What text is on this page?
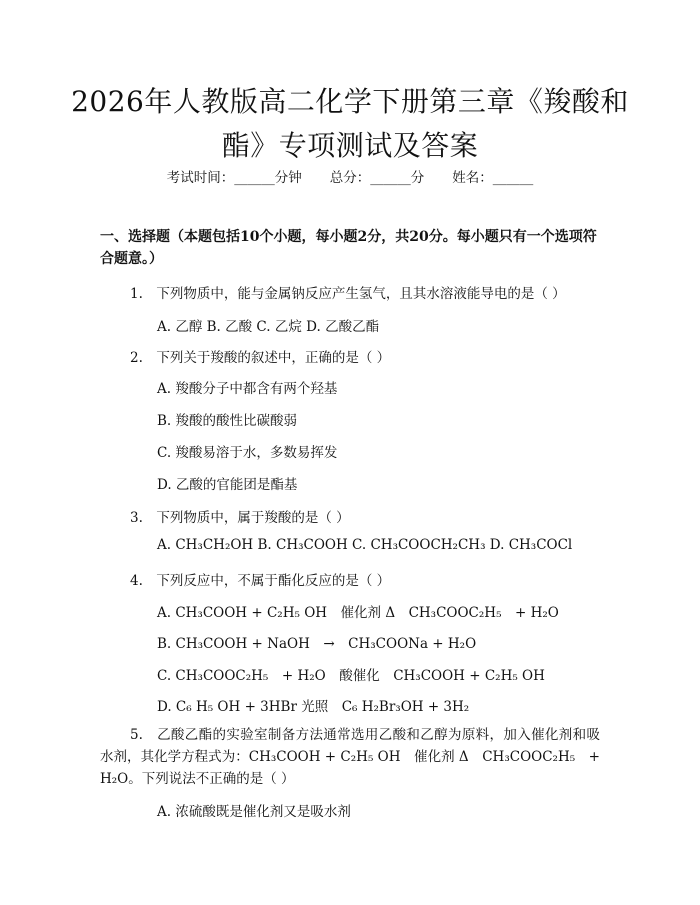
2026年人教版高二化学下册第三章《羧酸和酯》专项测试及答案
考试时间：______分钟 总分：______分 姓名：______
一、选择题（本题包括10个小题，每小题2分，共20分。每小题只有一个选项符合题意。）
1.　下列物质中，能与金属钠反应产生氢气，且其水溶液能导电的是（ ）
A. 乙醇 B. 乙酸 C. 乙烷 D. 乙酸乙酯
2.　下列关于羧酸的叙述中，正确的是（ ）
A. 羧酸分子中都含有两个羟基
B. 羧酸的酸性比碳酸弱
C. 羧酸易溶于水，多数易挥发
D. 乙酸的官能团是酯基
3.　下列物质中，属于羧酸的是（ ）
A. CH₃CH₂OH B. CH₃COOH C. CH₃COOCH₂CH₃ D. CH₃COCl
4.　下列反应中，不属于酯化反应的是（ ）
A. CH₃COOH + C₂H₅ OH　催化剂 Δ　CH₃COOC₂H₅　+ H₂O
B. CH₃COOH + NaOH　→　CH₃COONa + H₂O
C. CH₃COOC₂H₅　+ H₂O　酸催化　CH₃COOH + C₂H₅ OH
D. C₆ H₅ OH + 3HBr 光照　C₆ H₂Br₃OH + 3H₂
5.　乙酸乙酯的实验室制备方法通常选用乙酸和乙醇为原料，加入催化剂和吸水剂，其化学方程式为：CH₃COOH + C₂H₅ OH　催化剂 Δ　CH₃COOC₂H₅　+ H₂O。下列说法不正确的是（ ）
A. 浓硫酸既是催化剂又是吸水剂
